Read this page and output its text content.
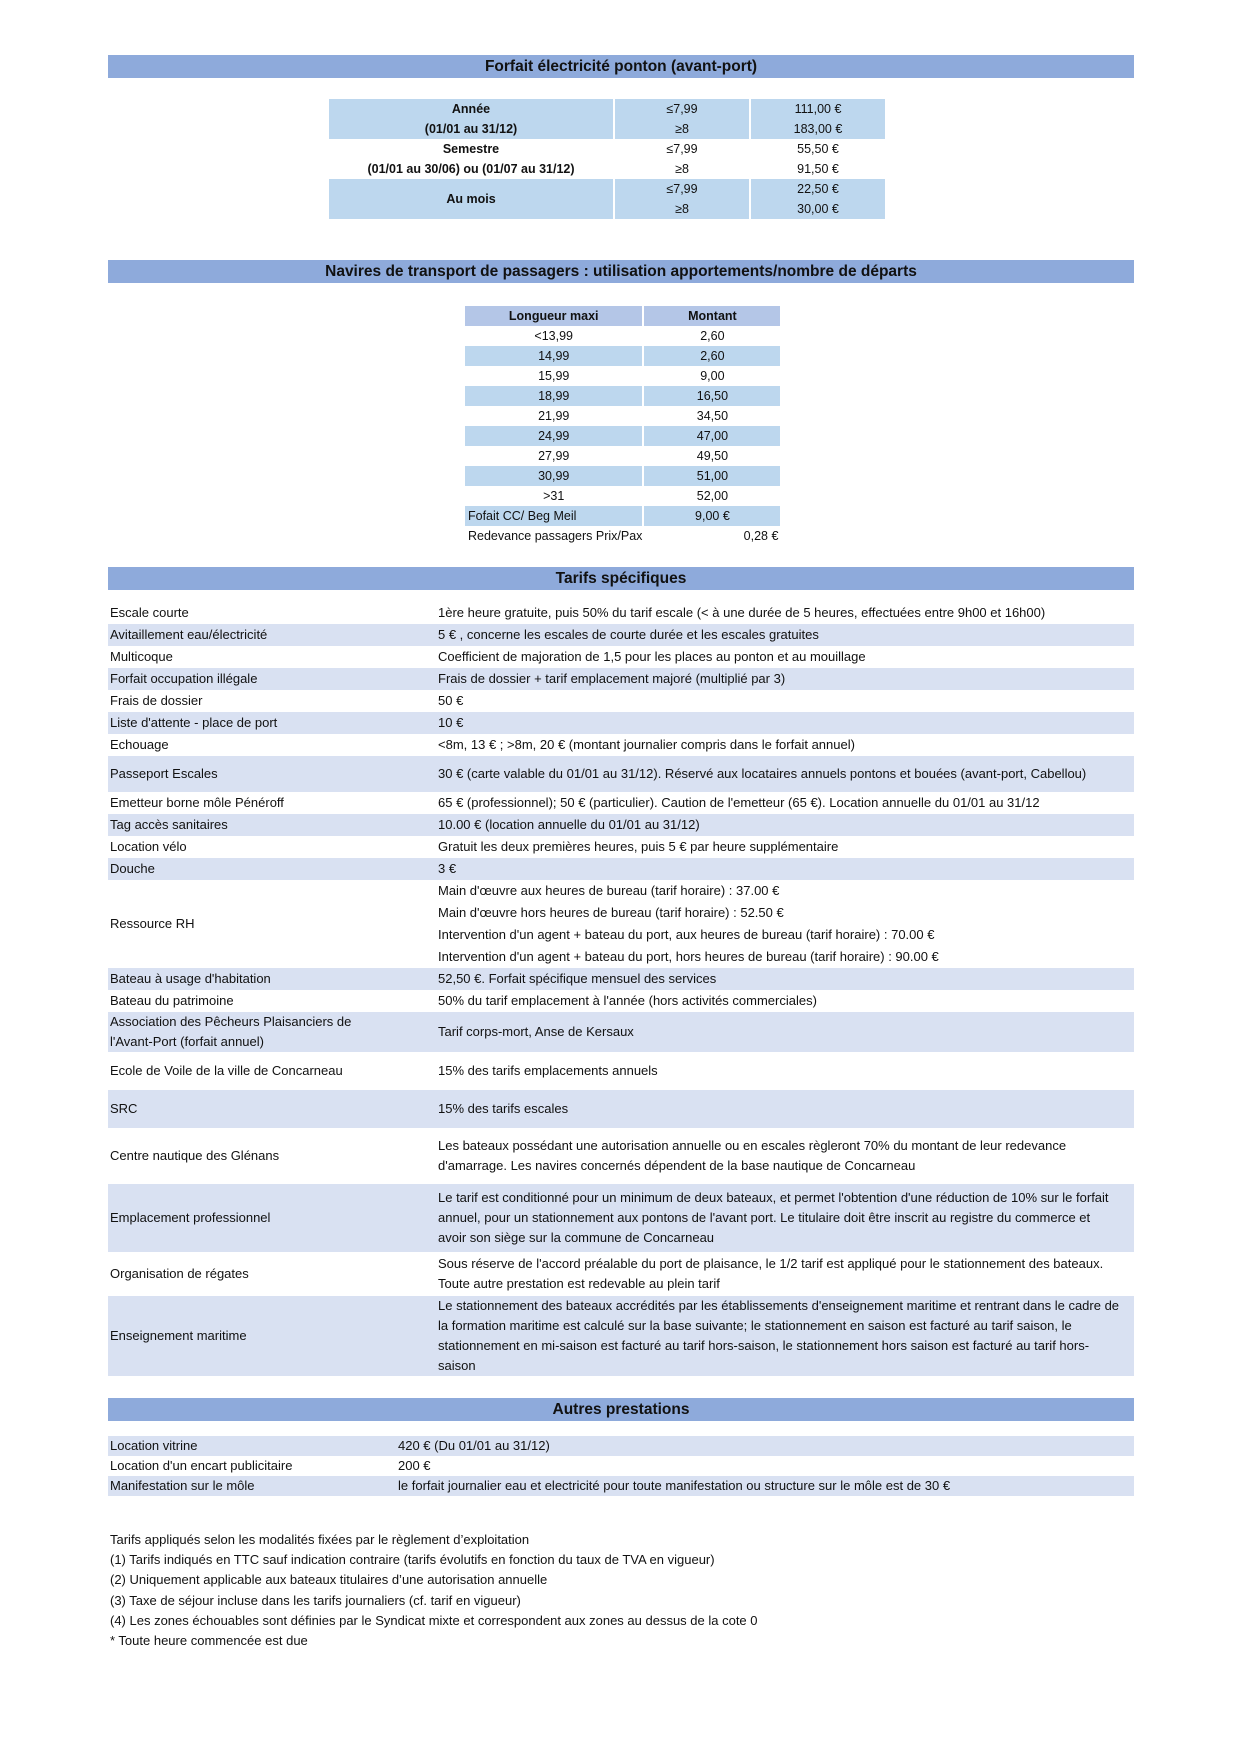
Forfait électricité ponton (avant-port)
Année	≤7,99	111,00 €
(01/01 au 31/12)	≥8	183,00 €
Semestre	≤7,99	55,50 €
(01/01 au 30/06) ou (01/07 au 31/12)	≥8	91,50 €
Au mois	≤7,99	22,50 €
	≥8	30,00 €
Navires de transport de passagers : utilisation apportements/nombre de départs
Longueur maxi	Montant
<13,99	2,60
14,99	2,60
15,99	9,00
18,99	16,50
21,99	34,50
24,99	47,00
27,99	49,50
30,99	51,00
>31	52,00
Fofait CC/ Beg Meil	9,00 €
Redevance passagers Prix/Pax	0,28 €
Tarifs spécifiques
Escale courte	1ère heure gratuite, puis 50% du tarif escale (< à une durée de 5 heures, effectuées entre 9h00 et 16h00)

Avitaillement eau/électricité	5 € , concerne les escales de courte durée et les escales gratuites

Multicoque	Coefficient de majoration de 1,5 pour les places au ponton et au mouillage

Forfait occupation illégale	Frais de dossier + tarif emplacement majoré (multiplié par 3)

Frais de dossier	50 €

Liste d'attente - place de port	10 €

Echouage	<8m, 13 € ; >8m, 20 € (montant journalier compris dans le forfait annuel)

Passeport Escales	30 € (carte valable du 01/01 au 31/12). Réservé aux locataires annuels pontons et bouées (avant-port, Cabellou)

Emetteur borne môle Pénéroff	65 € (professionnel); 50 € (particulier). Caution de l'emetteur (65 €). Location annuelle du 01/01 au 31/12

Tag accès sanitaires	10.00 € (location annuelle du 01/01 au 31/12)

Location vélo	Gratuit les deux premières heures, puis 5 € par heure supplémentaire

Douche	3 €

Ressource RH	Main d'œuvre aux heures de bureau (tarif horaire) : 37.00 €
Main d'œuvre hors heures de bureau (tarif horaire) : 52.50 €
Intervention d'un agent + bateau du port, aux heures de bureau (tarif horaire) : 70.00 €
Intervention d'un agent + bateau du port, hors heures de bureau (tarif horaire) : 90.00 €

Bateau à usage d'habitation	52,50 €. Forfait spécifique mensuel des services

Bateau du patrimoine	50% du tarif emplacement à l'année (hors activités commerciales)

Association des Pêcheurs Plaisanciers de l'Avant-Port (forfait annuel)	Tarif corps-mort, Anse de Kersaux

Ecole de Voile de la ville de Concarneau	15% des tarifs emplacements annuels

SRC	15% des tarifs escales

Centre nautique des Glénans	Les bateaux possédant une autorisation annuelle ou en escales règleront 70% du montant de leur redevance d'amarrage. Les navires concernés dépendent de la base nautique de Concarneau

Emplacement professionnel	Le tarif est conditionné pour un minimum de deux bateaux, et permet l'obtention d'une réduction de 10% sur le forfait annuel, pour un stationnement aux pontons de l'avant port. Le titulaire doit être inscrit au registre du commerce et avoir son siège sur la commune de Concarneau

Organisation de régates	Sous réserve de l'accord préalable du port de plaisance, le 1/2 tarif est appliqué pour le stationnement des bateaux. Toute autre prestation est redevable au plein tarif

Enseignement maritime	Le stationnement des bateaux accrédités par les établissements d'enseignement maritime et rentrant dans le cadre de la formation maritime est calculé sur la base suivante; le stationnement en saison est facturé au tarif saison, le stationnement en mi-saison est facturé au tarif hors-saison, le stationnement hors saison est facturé au tarif hors-saison
Autres prestations
Location vitrine	420 € (Du 01/01 au 31/12)
Location d'un encart publicitaire	200 €
Manifestation sur le môle	le forfait journalier eau et electricité pour toute manifestation ou structure sur le môle est de 30 €
Tarifs appliqués selon les modalités fixées par le règlement d’exploitation
(1) Tarifs indiqués en TTC sauf indication contraire (tarifs évolutifs en fonction du taux de TVA en vigueur)
(2) Uniquement applicable aux bateaux titulaires d’une autorisation annuelle
(3) Taxe de séjour incluse dans les tarifs journaliers (cf. tarif en vigueur)
(4) Les zones échouables sont définies par le Syndicat mixte et correspondent aux zones au dessus de la cote 0
* Toute heure commencée est due
